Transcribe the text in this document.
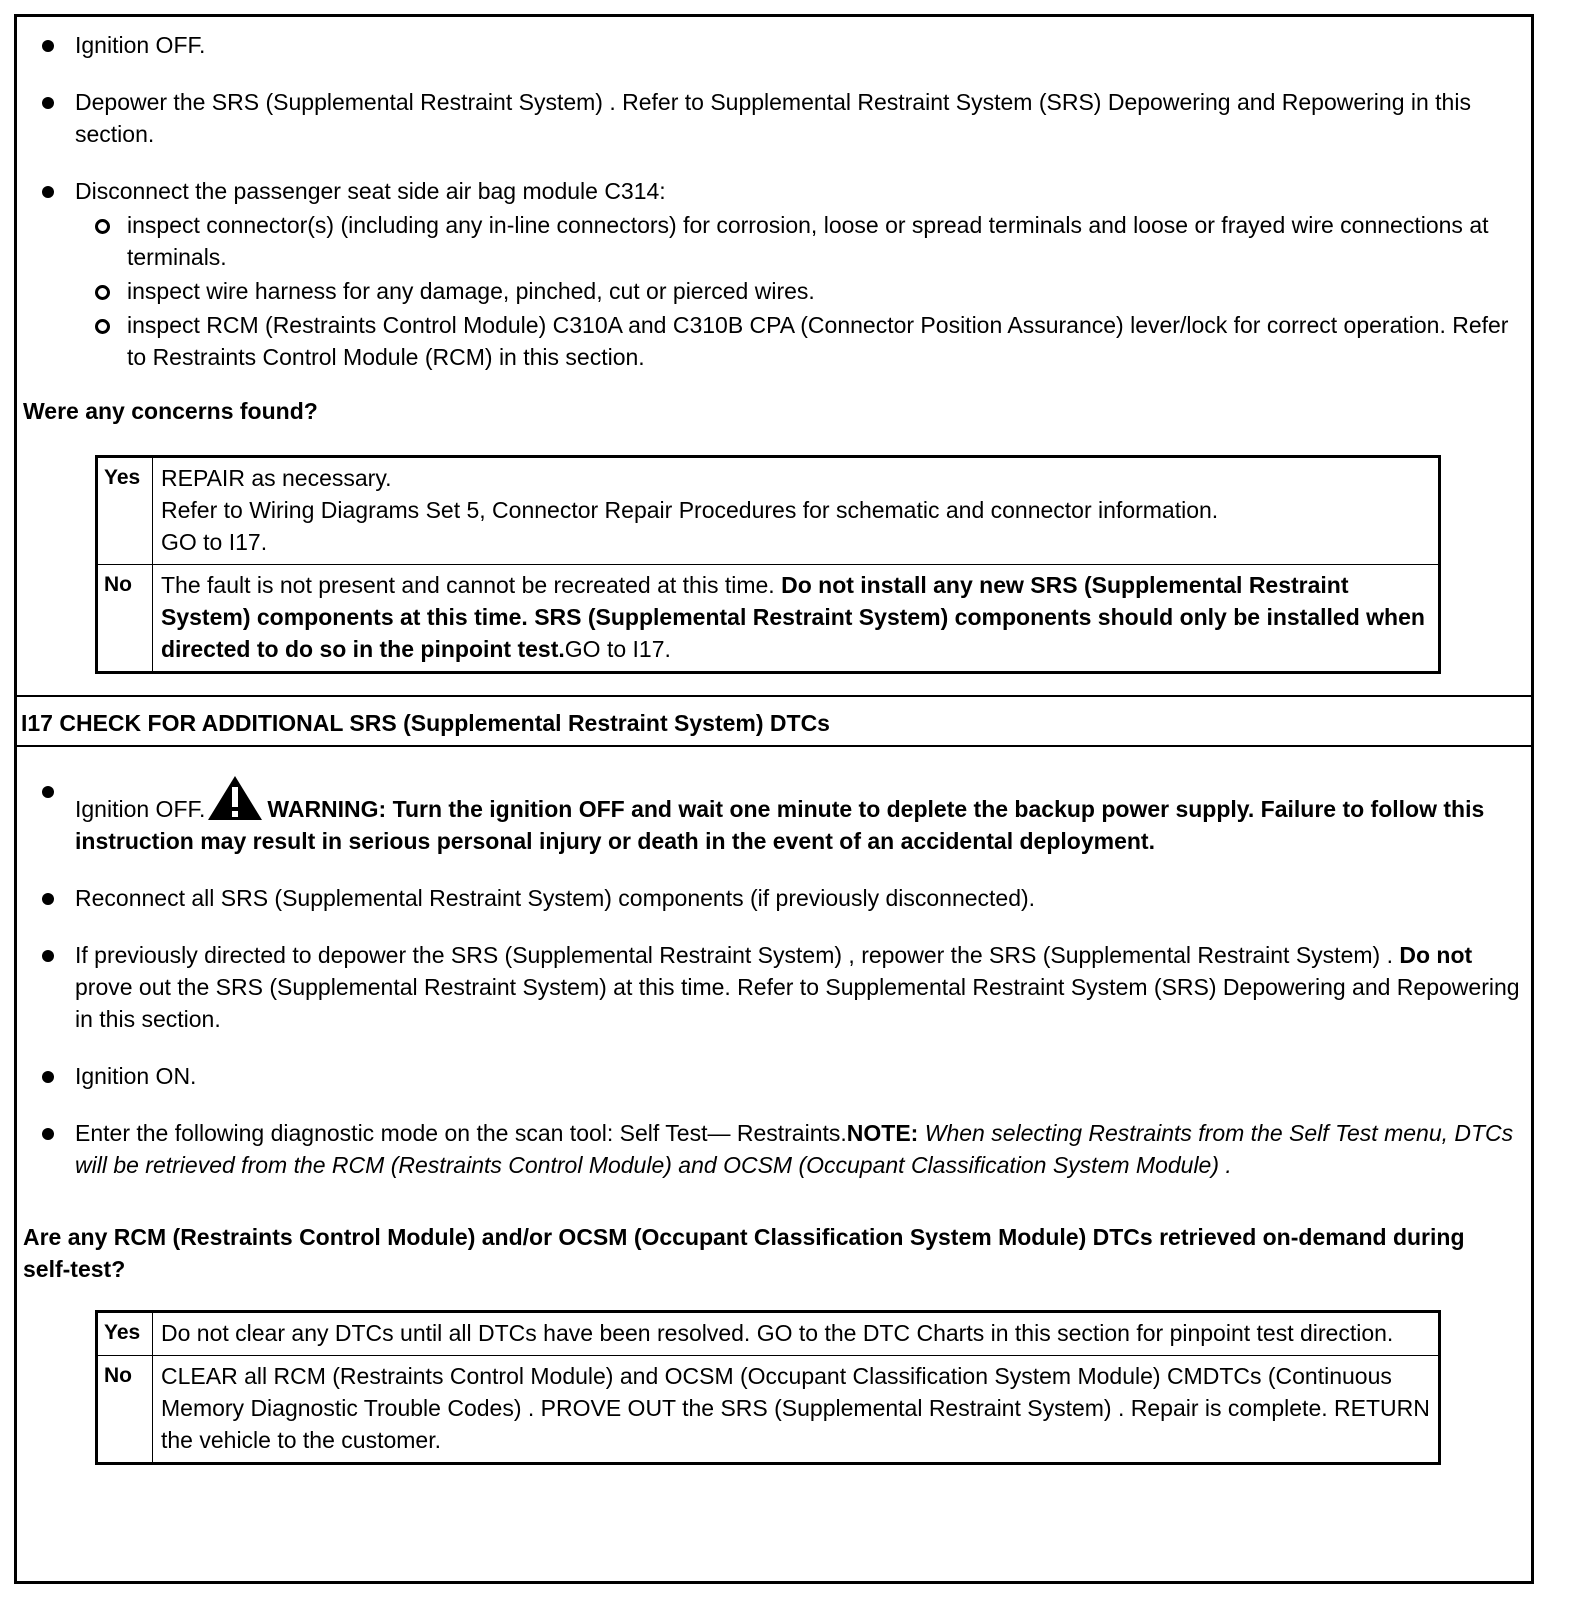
Ignition OFF.
Depower the SRS (Supplemental Restraint System) . Refer to Supplemental Restraint System (SRS) Depowering and Repowering in this section.
Disconnect the passenger seat side air bag module C314:
inspect connector(s) (including any in-line connectors) for corrosion, loose or spread terminals and loose or frayed wire connections at terminals.
inspect wire harness for any damage, pinched, cut or pierced wires.
inspect RCM (Restraints Control Module) C310A and C310B CPA (Connector Position Assurance) lever/lock for correct operation. Refer to Restraints Control Module (RCM) in this section.
Were any concerns found?
Yes	REPAIR as necessary.
Refer to Wiring Diagrams Set 5, Connector Repair Procedures for schematic and connector information.
GO to I17.

No	The fault is not present and cannot be recreated at this time. Do not install any new SRS (Supplemental Restraint System) components at this time. SRS (Supplemental Restraint System) components should only be installed when directed to do so in the pinpoint test.GO to I17.
I17 CHECK FOR ADDITIONAL SRS (Supplemental Restraint System) DTCs
Ignition OFF.	WARNING: Turn the ignition OFF and wait one minute to deplete the backup power supply. Failure to follow this instruction may result in serious personal injury or death in the event of an accidental deployment.
Reconnect all SRS (Supplemental Restraint System) components (if previously disconnected).
If previously directed to depower the SRS (Supplemental Restraint System) , repower the SRS (Supplemental Restraint System) . Do not prove out the SRS (Supplemental Restraint System) at this time. Refer to Supplemental Restraint System (SRS) Depowering and Repowering in this section.
Ignition ON.
Enter the following diagnostic mode on the scan tool: Self Test— Restraints.NOTE: When selecting Restraints from the Self Test menu, DTCs will be retrieved from the RCM (Restraints Control Module) and OCSM (Occupant Classification System Module) .
Are any RCM (Restraints Control Module) and/or OCSM (Occupant Classification System Module) DTCs retrieved on-demand during self-test?
Yes	Do not clear any DTCs until all DTCs have been resolved. GO to the DTC Charts in this section for pinpoint test direction.
No	CLEAR all RCM (Restraints Control Module) and OCSM (Occupant Classification System Module) CMDTCs (Continuous Memory Diagnostic Trouble Codes) . PROVE OUT the SRS (Supplemental Restraint System) . Repair is complete. RETURN the vehicle to the customer.
